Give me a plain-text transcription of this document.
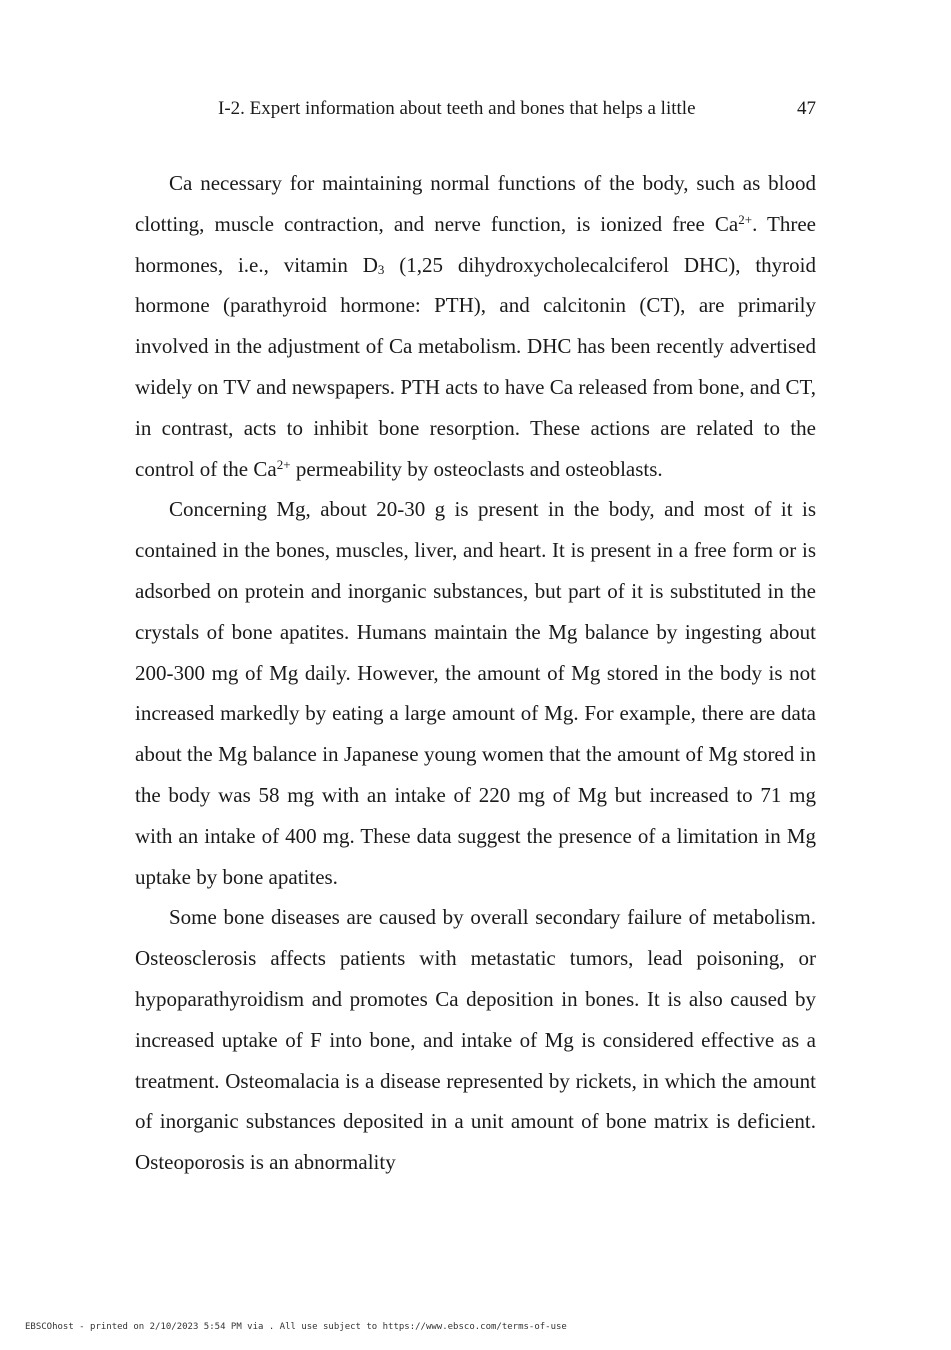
I-2. Expert information about teeth and bones that helps a little	47

Ca necessary for maintaining normal functions of the body, such as blood clotting, muscle contraction, and nerve function, is ionized free $Ca^{2+}$. Three hormones, i.e., vitamin $D_3$ (1,25 dihydroxycholecalciferol DHC), thyroid hormone (parathyroid hormone: PTH), and calcitonin (CT), are primarily involved in the adjustment of Ca metabolism. DHC has been recently advertised widely on TV and newspapers. PTH acts to have Ca released from bone, and CT, in contrast, acts to inhibit bone resorption. These actions are related to the control of the $Ca^{2+}$ permeability by osteoclasts and osteoblasts.

Concerning Mg, about 20-30 g is present in the body, and most of it is contained in the bones, muscles, liver, and heart. It is present in a free form or is adsorbed on protein and inorganic substances, but part of it is substituted in the crystals of bone apatites. Humans maintain the Mg balance by ingesting about 200-300 mg of Mg daily. However, the amount of Mg stored in the body is not increased markedly by eating a large amount of Mg. For example, there are data about the Mg balance in Japanese young women that the amount of Mg stored in the body was 58 mg with an intake of 220 mg of Mg but increased to 71 mg with an intake of 400 mg. These data suggest the presence of a limitation in Mg uptake by bone apatites.

Some bone diseases are caused by overall secondary failure of metabolism. Osteosclerosis affects patients with metastatic tumors, lead poisoning, or hypoparathyroidism and promotes Ca deposition in bones. It is also caused by increased uptake of F into bone, and intake of Mg is considered effective as a treatment. Osteomalacia is a disease represented by rickets, in which the amount of inorganic substances deposited in a unit amount of bone matrix is deficient. Osteoporosis is an abnormality

EBSCOhost - printed on 2/10/2023 5:54 PM via . All use subject to https://www.ebsco.com/terms-of-use
